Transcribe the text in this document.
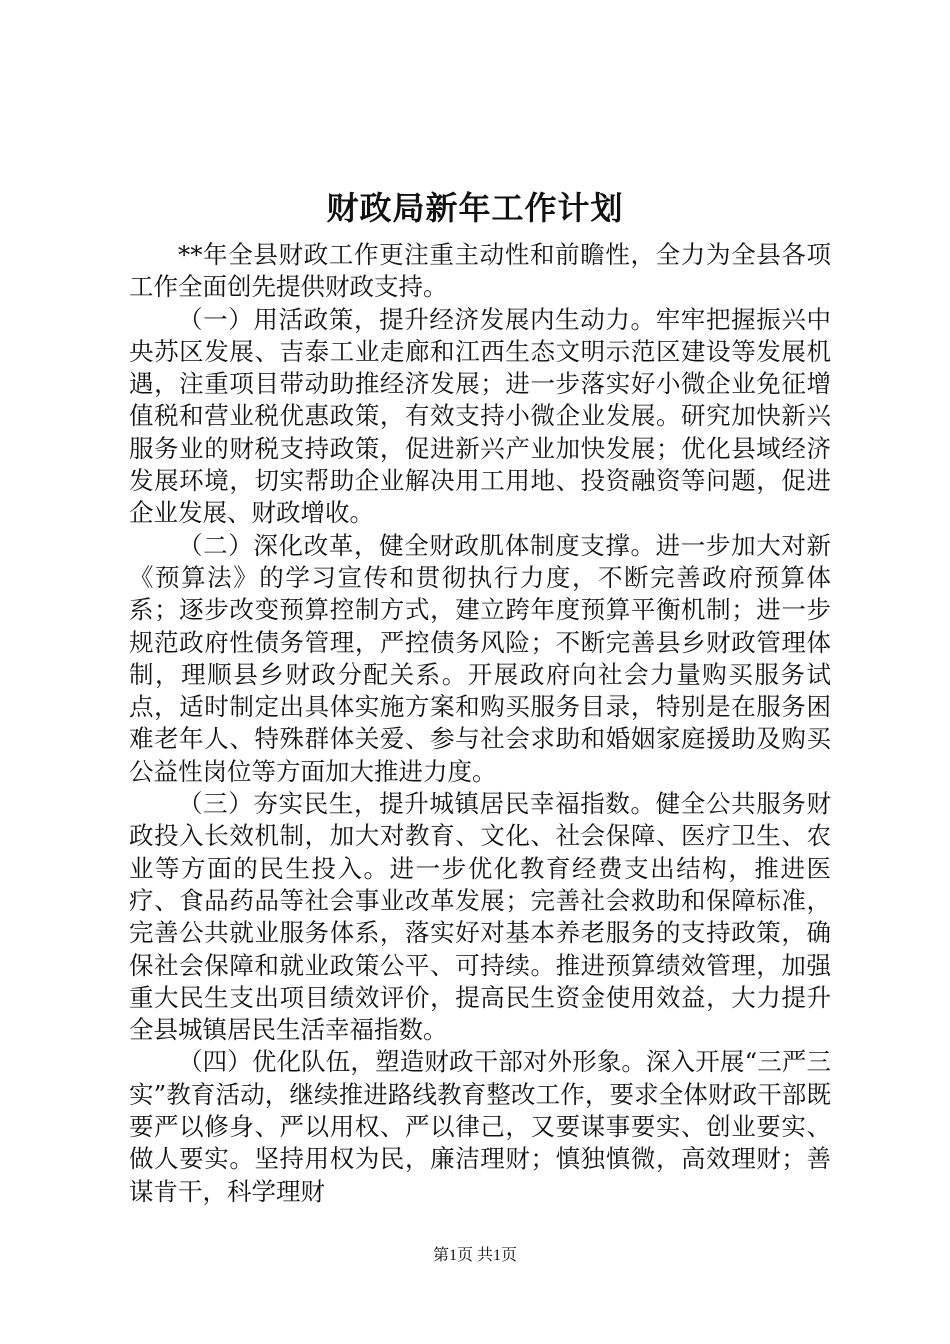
财政局新年工作计划

**年全县财政工作更注重主动性和前瞻性，全力为全县各项工作全面创先提供财政支持。

（一）用活政策，提升经济发展内生动力。牢牢把握振兴中央苏区发展、吉泰工业走廊和江西生态文明示范区建设等发展机遇，注重项目带动助推经济发展；进一步落实好小微企业免征增值税和营业税优惠政策，有效支持小微企业发展。研究加快新兴服务业的财税支持政策，促进新兴产业加快发展；优化县域经济发展环境，切实帮助企业解决用工用地、投资融资等问题，促进企业发展、财政增收。

（二）深化改革，健全财政肌体制度支撑。进一步加大对新《预算法》的学习宣传和贯彻执行力度，不断完善政府预算体系；逐步改变预算控制方式，建立跨年度预算平衡机制；进一步规范政府性债务管理，严控债务风险；不断完善县乡财政管理体制，理顺县乡财政分配关系。开展政府向社会力量购买服务试点，适时制定出具体实施方案和购买服务目录，特别是在服务困难老年人、特殊群体关爱、参与社会求助和婚姻家庭援助及购买公益性岗位等方面加大推进力度。

（三）夯实民生，提升城镇居民幸福指数。健全公共服务财政投入长效机制，加大对教育、文化、社会保障、医疗卫生、农业等方面的民生投入。进一步优化教育经费支出结构，推进医疗、食品药品等社会事业改革发展；完善社会救助和保障标准，完善公共就业服务体系，落实好对基本养老服务的支持政策，确保社会保障和就业政策公平、可持续。推进预算绩效管理，加强重大民生支出项目绩效评价，提高民生资金使用效益，大力提升全县城镇居民生活幸福指数。

（四）优化队伍，塑造财政干部对外形象。深入开展“三严三实”教育活动，继续推进路线教育整改工作，要求全体财政干部既要严以修身、严以用权、严以律己，又要谋事要实、创业要实、做人要实。坚持用权为民，廉洁理财；慎独慎微，高效理财；善谋肯干，科学理财

第1页 共1页
